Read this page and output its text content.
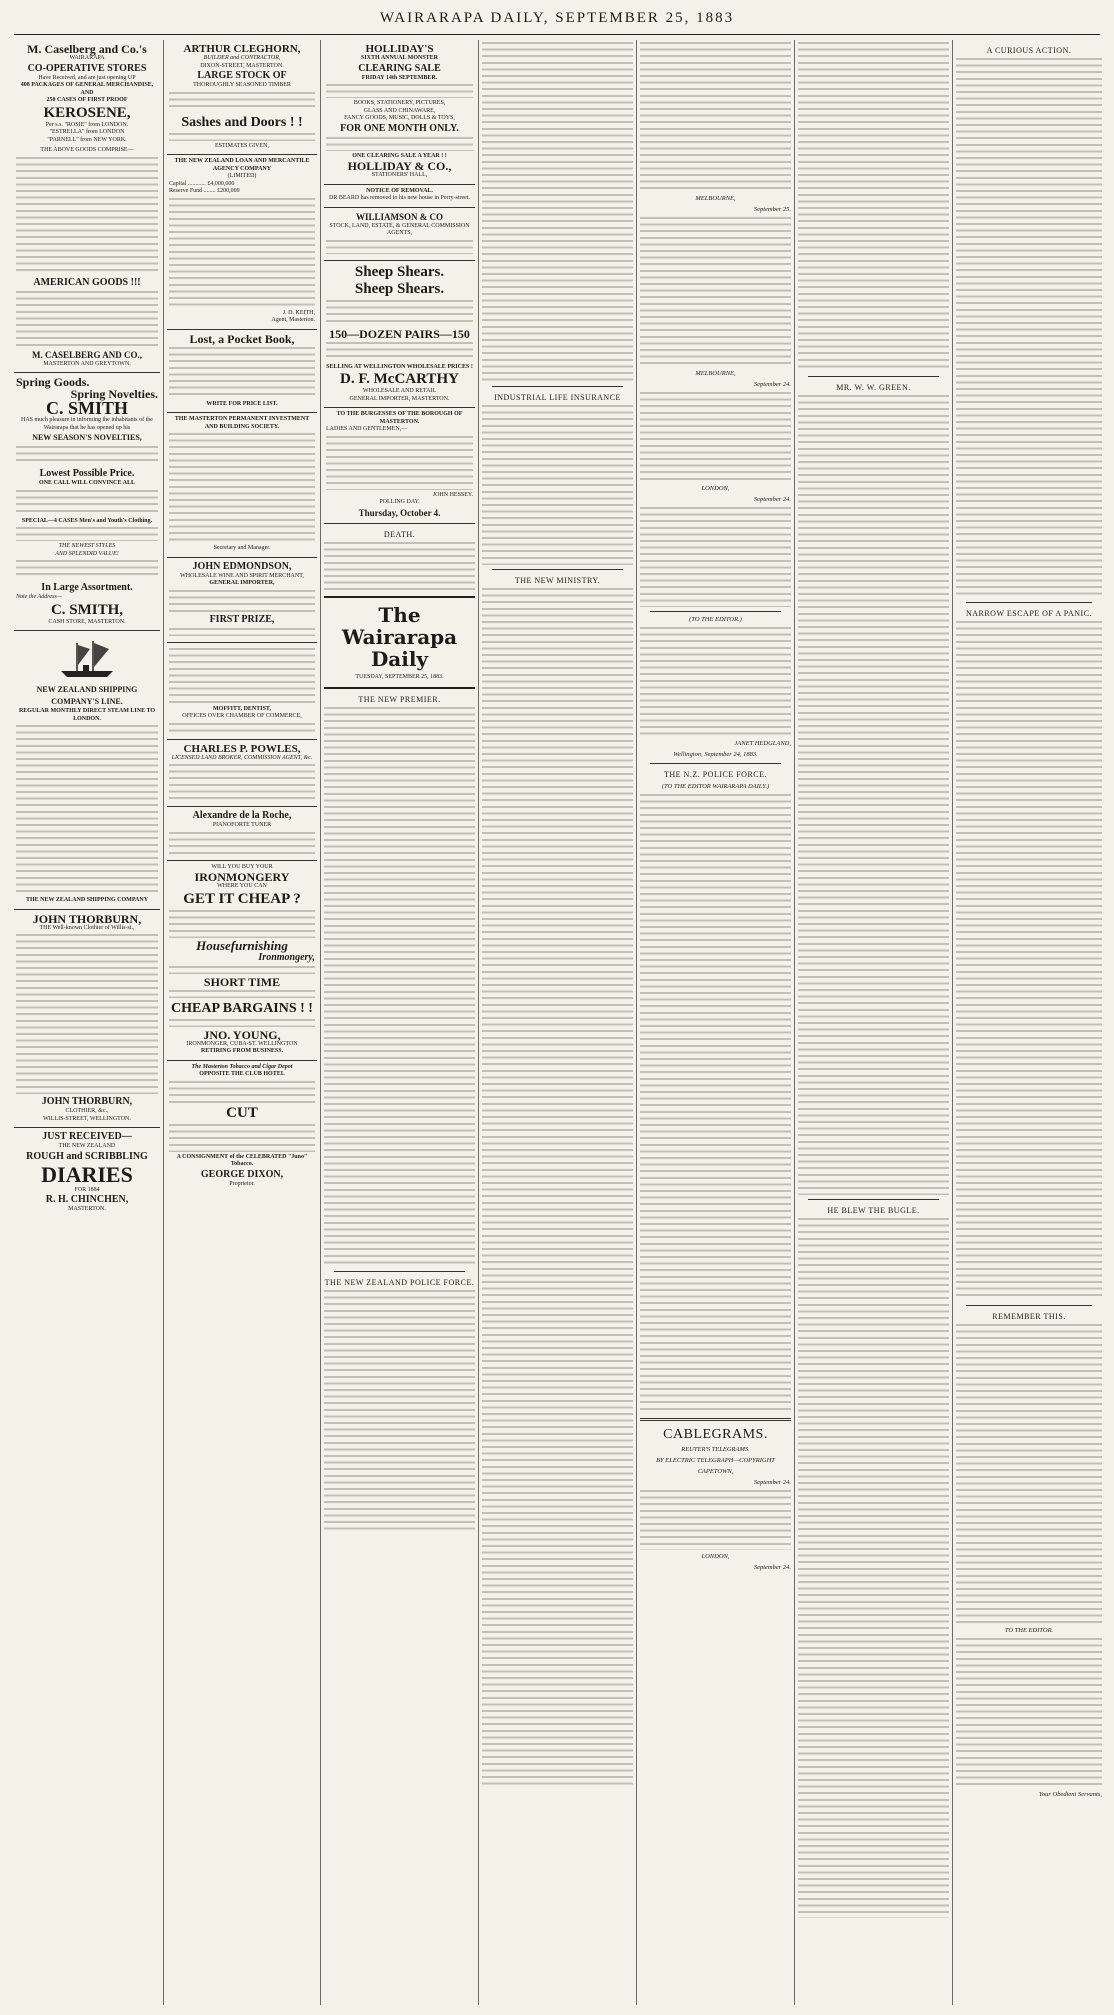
WAIRARAPA DAILY, SEPTEMBER 25, 1883
M. Caselberg and Co.'s
WAIRARAPA
CO-OPERATIVE STORES
Have Received, and are just opening UP
408 PACKAGES OF GENERAL MERCHANDISE, AND
250 CASES OF FIRST PROOF
KEROSENE,
Per s.s. "ROSIE" from LONDON.
"ESTRELLA" from LONDON
"PARNELL" from NEW YORK.
THE ABOVE GOODS COMPRISE—
AMERICAN GOODS !!!
M. CASELBERG AND CO.,
MASTERTON AND GREYTOWN.
Spring Goods.
Spring Novelties.
C. SMITH
HAS much pleasure in informing the inhabitants of the Wairarapa that he has opened up his
NEW SEASON'S NOVELTIES,
Lowest Possible Price.
ONE CALL WILL CONVINCE ALL
SPECIAL—4 CASES Men's and Youth's Clothing.
THE NEWEST STYLES
AND SPLENDID VALUE!
In Large Assortment.
Note the Address—
C. SMITH,
CASH STORE, MASTERTON.
NEW ZEALAND SHIPPING COMPANY'S LINE.
REGULAR MONTHLY DIRECT STEAM LINE TO LONDON.
THE NEW ZEALAND SHIPPING COMPANY
JOHN THORBURN,
THE Well-known Clothier of Willis-st.,
JOHN THORBURN,
CLOTHIER, &c.,
WILLIS-STREET, WELLINGTON.
JUST RECEIVED—
THE NEW ZEALAND
ROUGH and SCRIBBLING
DIARIES
FOR 1884
R. H. CHINCHEN,
MASTERTON.
ARTHUR CLEGHORN,
BUILDER and CONTRACTOR,
DIXON-STREET, MASTERTON.
LARGE STOCK OF
THOROUGHLY SEASONED TIMBER
Sashes and Doors ! !
ESTIMATES GIVEN,
THE NEW ZEALAND LOAN AND MERCANTILE AGENCY COMPANY
(LIMITED)
Capital ............ £4,000,000
Reserve Fund ........ £200,000
J. D. KEITH,
Agent, Masterton.
Lost, a Pocket Book,
WRITE FOR PRICE LIST.
THE MASTERTON PERMANENT INVESTMENT AND BUILDING SOCIETY.
Secretary and Manager.
JOHN EDMONDSON,
WHOLESALE WINE AND SPIRIT MERCHANT,
GENERAL IMPORTER,
FIRST PRIZE,
MOFFITT, DENTIST,
OFFICES OVER CHAMBER OF COMMERCE,
CHARLES P. POWLES,
LICENSED LAND BROKER, COMMISSION AGENT, &c.
Alexandre de la Roche,
PIANOFORTE TUNER
WILL YOU BUY YOUR
IRONMONGERY
WHERE YOU CAN
GET IT CHEAP ?
Housefurnishing
Ironmongery,
SHORT TIME
CHEAP BARGAINS ! !
JNO. YOUNG,
IRONMONGER, CUBA-ST. WELLINGTON
RETIRING FROM BUSINESS.
The Masterton Tobacco and Cigar Depot
OPPOSITE THE CLUB HOTEL
CUT
A CONSIGNMENT of the CELEBRATED "Juno" Tobacco.
GEORGE DIXON,
Proprietor.
HOLLIDAY'S
SIXTH ANNUAL MONSTER
CLEARING SALE
FRIDAY 14th SEPTEMBER.
BOOKS, STATIONERY, PICTURES,
GLASS AND CHINAWARE,
FANCY GOODS, MUSIC, DOLLS & TOYS,
FOR ONE MONTH ONLY.
ONE CLEARING SALE A YEAR ! !
HOLLIDAY & CO.,
STATIONERS' HALL,
NOTICE OF REMOVAL.
DR BEARD has removed to his new house in Perry-street.
WILLIAMSON & CO
STOCK, LAND, ESTATE, & GENERAL COMMISSION AGENTS,
Sheep Shears.
Sheep Shears.
150—DOZEN PAIRS—150
SELLING AT WELLINGTON WHOLESALE PRICES !
D. F. McCARTHY
WHOLESALE AND RETAIL
GENERAL IMPORTER, MASTERTON.
TO THE BURGESSES OF THE BOROUGH OF MASTERTON.
LADIES AND GENTLEMEN,—
JOHN HESSEY.
POLLING DAY.
Thursday, October 4.
DEATH.
The Wairarapa Daily
TUESDAY, SEPTEMBER 25, 1883.
THE NEW PREMIER.
THE NEW ZEALAND POLICE FORCE.
INDUSTRIAL LIFE INSURANCE
THE NEW MINISTRY.
MELBOURNE,
September 25.
MELBOURNE,
September 24.
LONDON,
September 24.
(TO THE EDITOR.)
JANET HEDGLAND,
Wellington, September 24, 1883.
THE N.Z. POLICE FORCE.
(TO THE EDITOR WAIRARAPA DAILY.)
CABLEGRAMS.
REUTER'S TELEGRAMS.
BY ELECTRIC TELEGRAPH—COPYRIGHT
CAPETOWN,
September 24.
LONDON,
September 24.
MR. W. W. GREEN.
HE BLEW THE BUGLE.
A CURIOUS ACTION.
NARROW ESCAPE OF A PANIC.
REMEMBER THIS.
TO THE EDITOR.
Your Obedient Servants,
